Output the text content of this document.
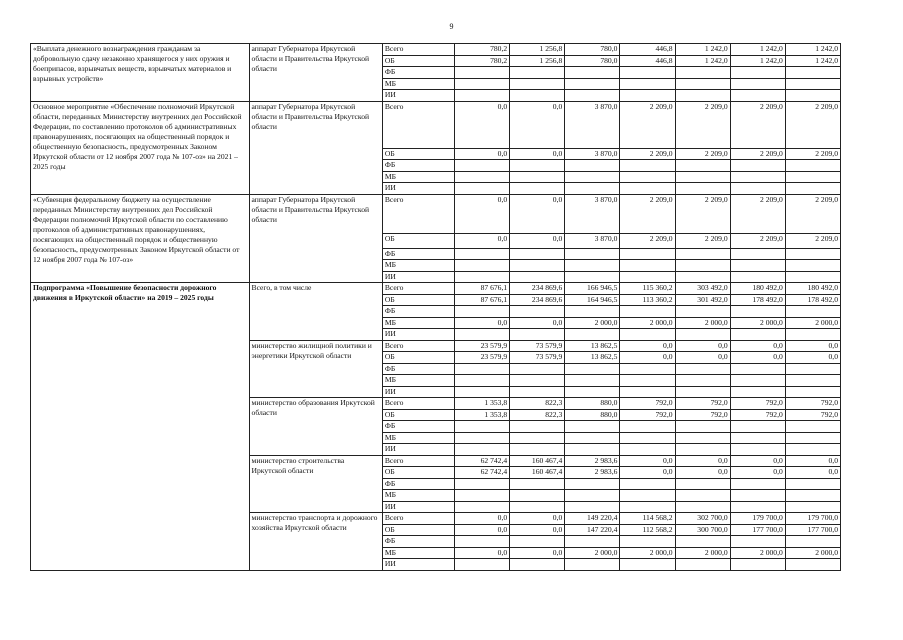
9
«Выплата денежного вознаграждения гражданам за добровольную сдачу незаконно хранящегося у них оружия и боеприпасов, взрывчатых веществ, взрывчатых материалов и взрывных устройств»	аппарат Губернатора Иркутской области и Правительства Иркутской области	Всего	780,2	1 256,8	780,0	446,8	1 242,0	1 242,0	1 242,0
		ОБ	780,2	1 256,8	780,0	446,8	1 242,0	1 242,0	1 242,0
		ФБ							
		МБ							
		ИИ							
Основное мероприятие «Обеспечение полномочий Иркутской области, переданных Министерству внутренних дел Российской Федерации, по составлению протоколов об административных правонарушениях, посягающих на общественный порядок и общественную безопасность, предусмотренных Законом Иркутской области от 12 ноября 2007 года № 107-оз» на 2021 – 2025 годы	аппарат Губернатора Иркутской области и Правительства Иркутской области	Всего	0,0	0,0	3 870,0	2 209,0	2 209,0	2 209,0	2 209,0
		ОБ	0,0	0,0	3 870,0	2 209,0	2 209,0	2 209,0	2 209,0
		ФБ							
		МБ							
		ИИ							
«Субвенция федеральному бюджету на осуществление переданных Министерству внутренних дел Российской Федерации полномочий Иркутской области по составлению протоколов об административных правонарушениях, посягающих на общественный порядок и общественную безопасность, предусмотренных Законом Иркутской области от 12 ноября 2007 года № 107-оз»	аппарат Губернатора Иркутской области и Правительства Иркутской области	Всего	0,0	0,0	3 870,0	2 209,0	2 209,0	2 209,0	2 209,0
		ОБ	0,0	0,0	3 870,0	2 209,0	2 209,0	2 209,0	2 209,0
		ФБ							
		МБ							
		ИИ							
Подпрограмма «Повышение безопасности дорожного движения в Иркутской области» на 2019 – 2025 годы	Всего, в том числе	Всего	87 676,1	234 869,6	166 946,5	115 360,2	303 492,0	180 492,0	180 492,0
		ОБ	87 676,1	234 869,6	164 946,5	113 360,2	301 492,0	178 492,0	178 492,0
		ФБ							
		МБ	0,0	0,0	2 000,0	2 000,0	2 000,0	2 000,0	2 000,0
		ИИ							
	министерство жилищной политики и энергетики Иркутской области	Всего	23 579,9	73 579,9	13 862,5	0,0	0,0	0,0	0,0
		ОБ	23 579,9	73 579,9	13 862,5	0,0	0,0	0,0	0,0
		ФБ							
		МБ							
		ИИ							
	министерство образования Иркутской области	Всего	1 353,8	822,3	880,0	792,0	792,0	792,0	792,0
		ОБ	1 353,8	822,3	880,0	792,0	792,0	792,0	792,0
		ФБ							
		МБ							
		ИИ							
	министерство строительства Иркутской области	Всего	62 742,4	160 467,4	2 983,6	0,0	0,0	0,0	0,0
		ОБ	62 742,4	160 467,4	2 983,6	0,0	0,0	0,0	0,0
		ФБ							
		МБ							
		ИИ							
	министерство транспорта и дорожного хозяйства Иркутской области	Всего	0,0	0,0	149 220,4	114 568,2	302 700,0	179 700,0	179 700,0
		ОБ	0,0	0,0	147 220,4	112 568,2	300 700,0	177 700,0	177 700,0
		ФБ							
		МБ	0,0	0,0	2 000,0	2 000,0	2 000,0	2 000,0	2 000,0
		ИИ							
